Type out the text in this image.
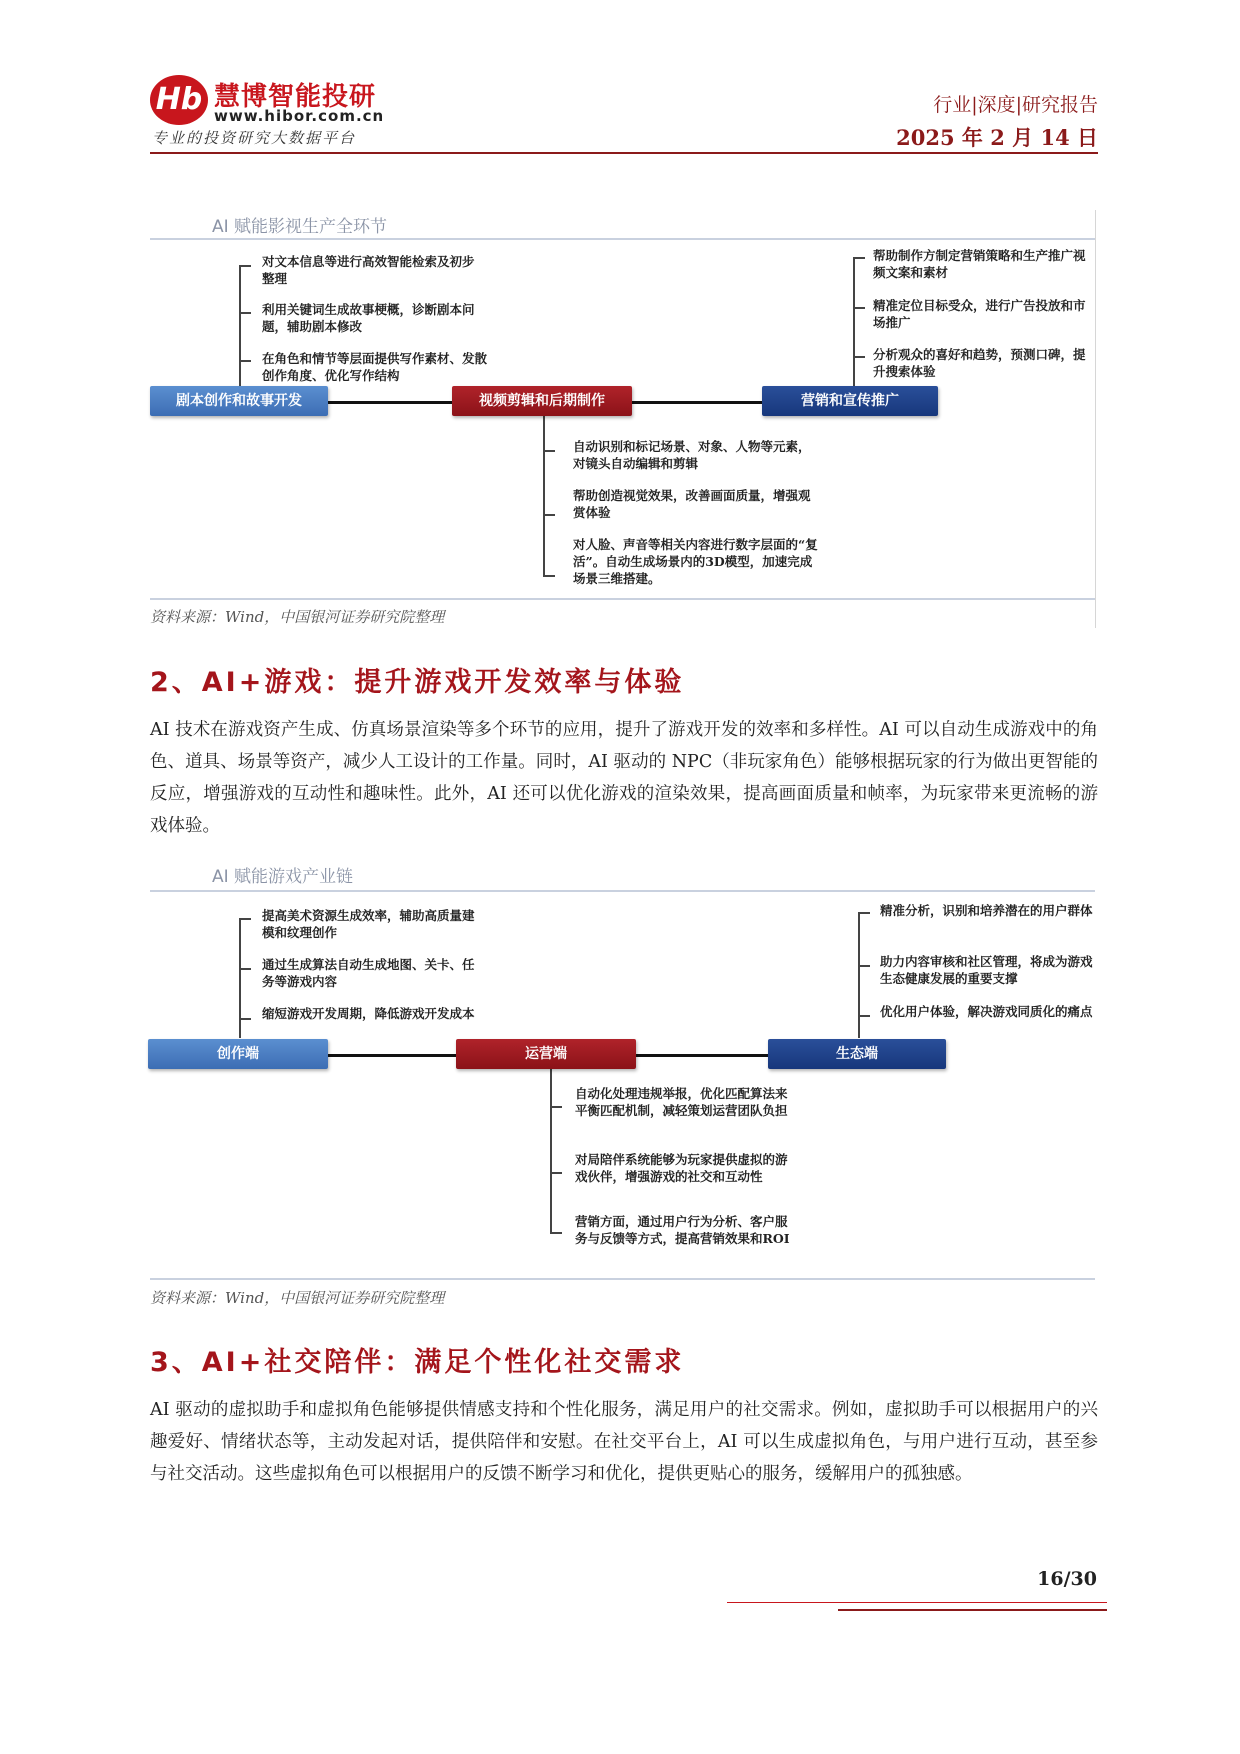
Hb 慧博智能投研
www.hibor.com.cn
专业的投资研究大数据平台
行业|深度|研究报告
2025 年 2 月 14 日
AI 赋能影视生产全环节
对文本信息等进行高效智能检索及初步整理
利用关键词生成故事梗概，诊断剧本问题，辅助剧本修改
在角色和情节等层面提供写作素材、发散创作角度、优化写作结构
帮助制作方制定营销策略和生产推广视频文案和素材
精准定位目标受众，进行广告投放和市场推广
分析观众的喜好和趋势，预测口碑，提升搜索体验
自动识别和标记场景、对象、人物等元素，对镜头自动编辑和剪辑
帮助创造视觉效果，改善画面质量，增强观赏体验
对人脸、声音等相关内容进行数字层面的“复活”。自动生成场景内的3D模型，加速完成场景三维搭建。
剧本创作和故事开发	视频剪辑和后期制作	营销和宣传推广
资料来源：Wind，中国银河证券研究院整理
2、AI+游戏：提升游戏开发效率与体验
AI 技术在游戏资产生成、仿真场景渲染等多个环节的应用，提升了游戏开发的效率和多样性。AI 可以自动生成游戏中的角色、道具、场景等资产，减少人工设计的工作量。同时，AI 驱动的 NPC（非玩家角色）能够根据玩家的行为做出更智能的反应，增强游戏的互动性和趣味性。此外，AI 还可以优化游戏的渲染效果，提高画面质量和帧率，为玩家带来更流畅的游戏体验。
AI 赋能游戏产业链
提高美术资源生成效率，辅助高质量建模和纹理创作
通过生成算法自动生成地图、关卡、任务等游戏内容
缩短游戏开发周期，降低游戏开发成本
精准分析，识别和培养潜在的用户群体
助力内容审核和社区管理，将成为游戏生态健康发展的重要支撑
优化用户体验，解决游戏同质化的痛点
自动化处理违规举报，优化匹配算法来平衡匹配机制，减轻策划运营团队负担
对局陪伴系统能够为玩家提供虚拟的游戏伙伴，增强游戏的社交和互动性
营销方面，通过用户行为分析、客户服务与反馈等方式，提高营销效果和ROI
创作端	运营端	生态端
资料来源：Wind，中国银河证券研究院整理
3、AI+社交陪伴：满足个性化社交需求
AI 驱动的虚拟助手和虚拟角色能够提供情感支持和个性化服务，满足用户的社交需求。例如，虚拟助手可以根据用户的兴趣爱好、情绪状态等，主动发起对话，提供陪伴和安慰。在社交平台上，AI 可以生成虚拟角色，与用户进行互动，甚至参与社交活动。这些虚拟角色可以根据用户的反馈不断学习和优化，提供更贴心的服务，缓解用户的孤独感。
16/30
